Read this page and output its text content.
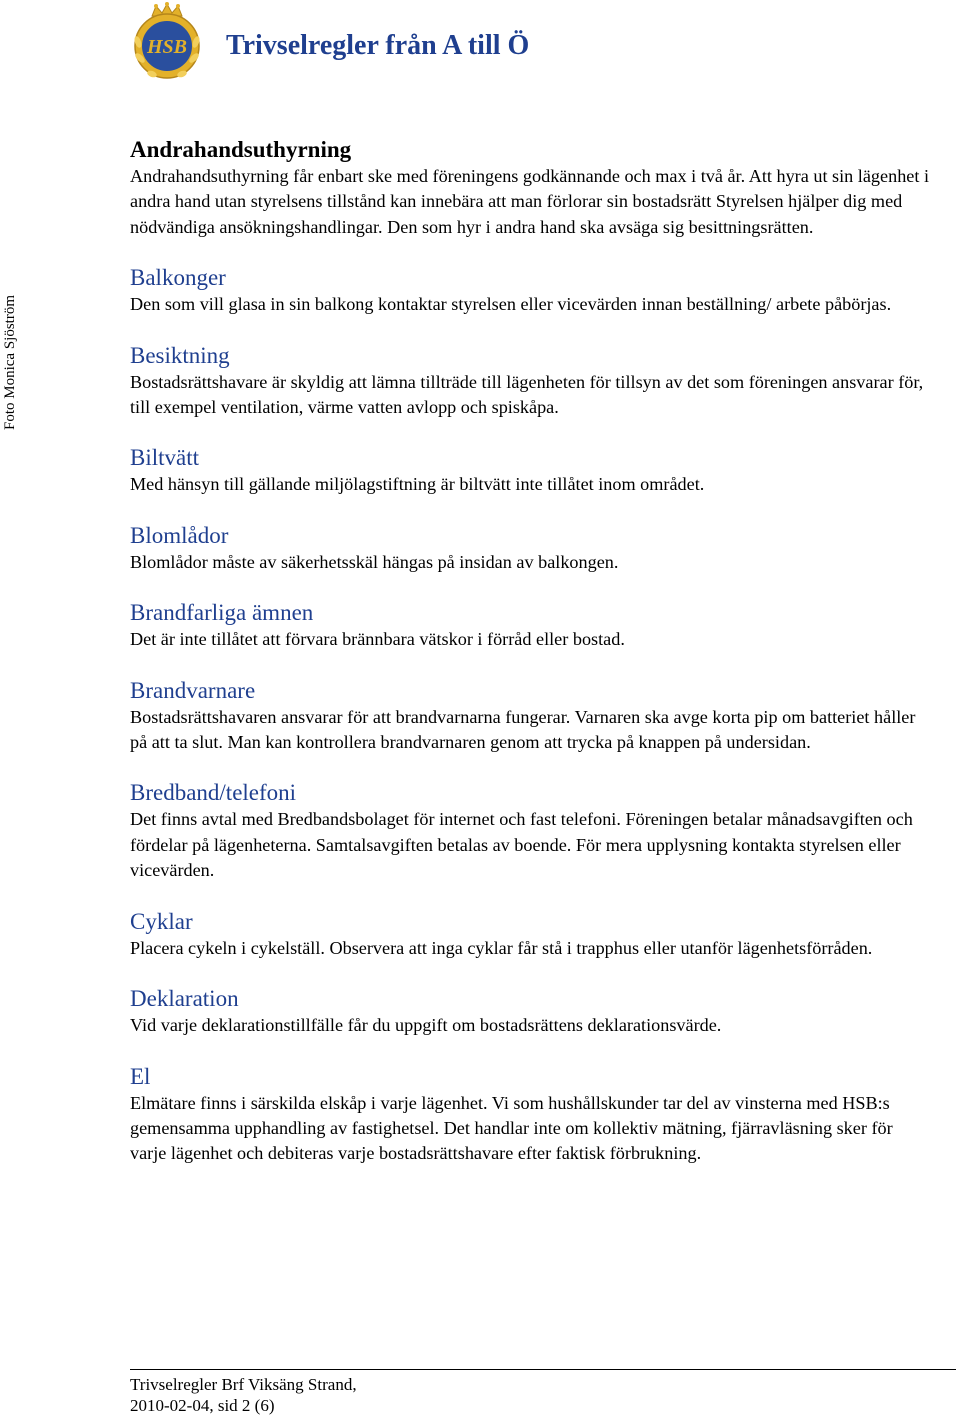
HSB Trivselregler från A till Ö
Foto Monica Sjöström
Andrahandsuthyrning

Andrahandsuthyrning får enbart ske med föreningens godkännande och max i två år. Att hyra ut sin lägenhet i andra hand utan styrelsens tillstånd kan innebära att man förlorar sin bostadsrätt Styrelsen hjälper dig med nödvändiga ansökningshandlingar. Den som hyr i andra hand ska avsäga sig besittningsrätten.

Balkonger

Den som vill glasa in sin balkong kontaktar styrelsen eller vicevärden innan beställning/ arbete påbörjas.

Besiktning

Bostadsrättshavare är skyldig att lämna tillträde till lägenheten för tillsyn av det som föreningen ansvarar för, till exempel ventilation, värme vatten avlopp och spiskåpa.

Biltvätt

Med hänsyn till gällande miljölagstiftning är biltvätt inte tillåtet inom området.

Blomlådor

Blomlådor måste av säkerhetsskäl hängas på insidan av balkongen.

Brandfarliga ämnen

Det är inte tillåtet att förvara brännbara vätskor i förråd eller bostad.

Brandvarnare

Bostadsrättshavaren ansvarar för att brandvarnarna fungerar. Varnaren ska avge korta pip om batteriet håller på att ta slut. Man kan kontrollera brandvarnaren genom att trycka på knappen på undersidan.

Bredband/telefoni

Det finns avtal med Bredbandsbolaget för internet och fast telefoni. Föreningen betalar månadsavgiften och fördelar på lägenheterna. Samtalsavgiften betalas av boende. För mera upplysning kontakta styrelsen eller vicevärden.

Cyklar

Placera cykeln i cykelställ. Observera att inga cyklar får stå i trapphus eller utanför lägenhetsförråden.

Deklaration

Vid varje deklarationstillfälle får du uppgift om bostadsrättens deklarationsvärde.

El

Elmätare finns i särskilda elskåp i varje lägenhet. Vi som hushållskunder tar del av vinsterna med HSB:s gemensamma upphandling av fastighetsel. Det handlar inte om kollektiv mätning, fjärravläsning sker för varje lägenhet och debiteras varje bostadsrättshavare efter faktisk förbrukning.

Trivselregler Brf Viksäng Strand,
2010-02-04, sid 2 (6)
